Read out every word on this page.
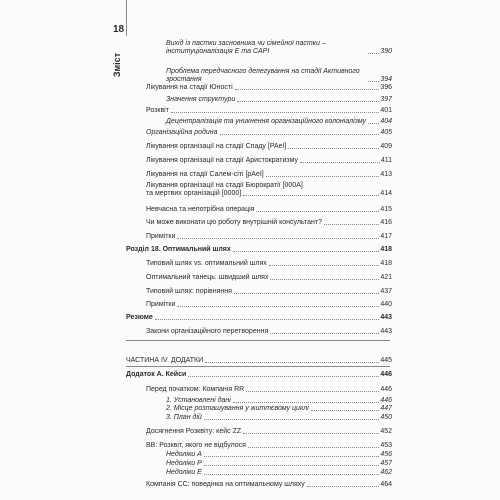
18
Зміст
Вихід із пастки засновника чи сімейної пастки – інституціоналізація E та CAPI	390
Проблема передчасного делегування на стадії Активного зростання	394
Лікування на стадії Юності	396
Значення структури	397
Розквіт	401
Децентралізація та уникнення організаційного колоніалізму 404
Організаційна родина	405
Лікування організації на стадії Спаду [PAeI]	409
Лікування організації на стадії Аристократизму	411
Лікування на стадії Салем-сіті [рAeI]	413
Лікування організації на стадії Бюрократії [000A]
та мертвих організацій [0000]	414
Невчасна та непотрібна операція	415
Чи може виконати цю роботу внутрішній консультант?	416
Примітки	417
Розділ 18. Оптимальний шлях	418
Типовий шлях vs. оптимальний шлях	418
Оптимальний танець: швидший шлях	421
Типовий шлях: порівняння	437
Примітки	440
Резюме	443
Закони організаційного перетворення	443
ЧАСТИНА IV. ДОДАТКИ	445
Додаток А. Кейси	446
Перед початком: Компанія RR	446
1. Установлені дані	446
2. Місце розташування у життєвому циклі	447
3. План дій	450
Досягнення Розквіту: кейс ZZ	452
BB: Розквіт, якого не відбулося	453
Недоліки A	456
Недоліки P	457
Недоліки E	462
Компанія CC: поведінка на оптимальному шляху	464
